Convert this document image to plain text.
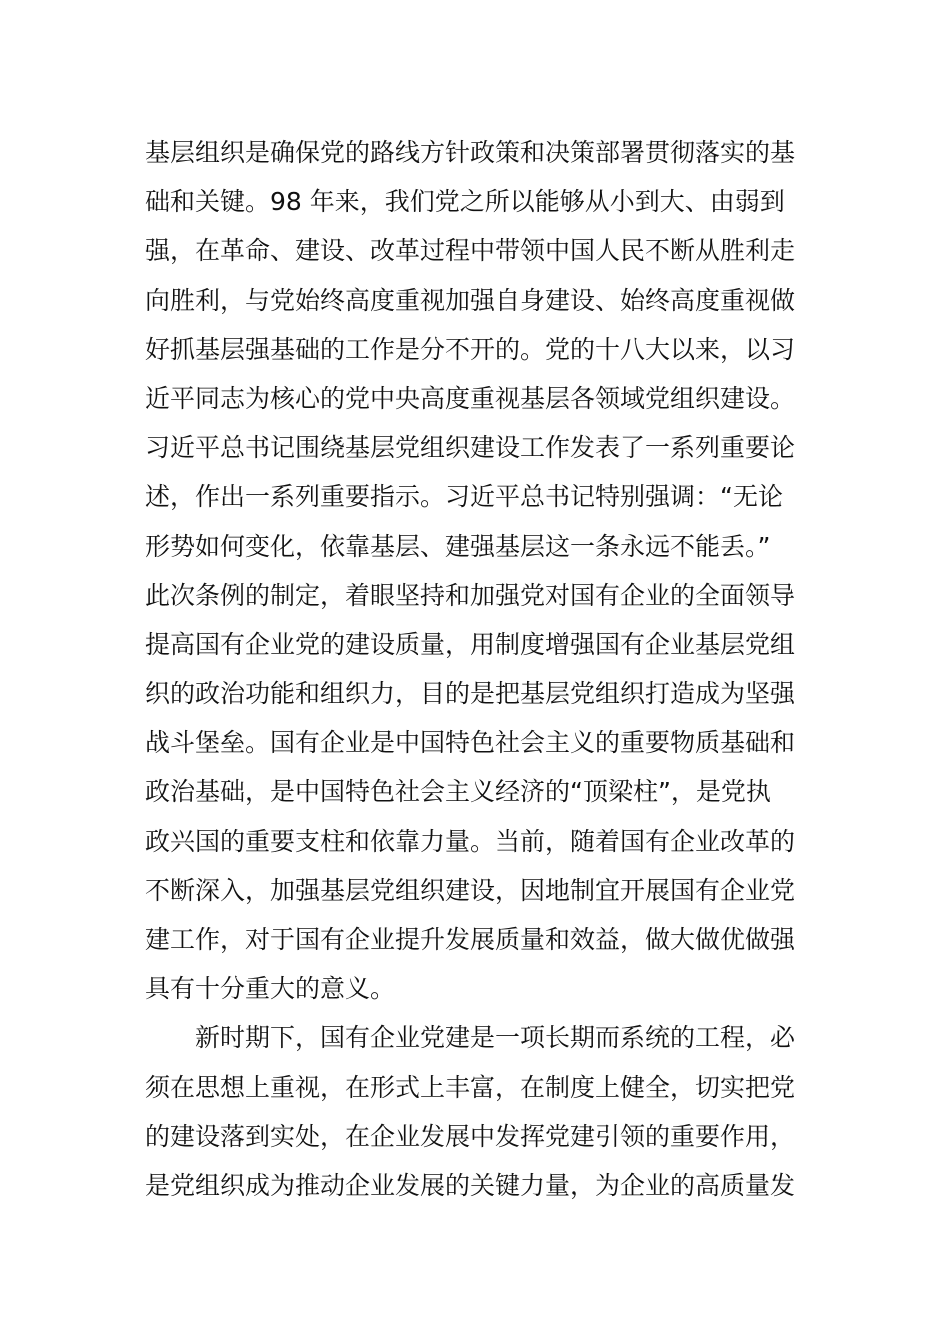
基层组织是确保党的路线方针政策和决策部署贯彻落实的基
础和关键。98 年来，我们党之所以能够从小到大、由弱到
强，在革命、建设、改革过程中带领中国人民不断从胜利走
向胜利，与党始终高度重视加强自身建设、始终高度重视做
好抓基层强基础的工作是分不开的。党的十八大以来，以习
近平同志为核心的党中央高度重视基层各领域党组织建设。
习近平总书记围绕基层党组织建设工作发表了一系列重要论
述，作出一系列重要指示。习近平总书记特别强调：“无论
形势如何变化，依靠基层、建强基层这一条永远不能丢。”
此次条例的制定，着眼坚持和加强党对国有企业的全面领导
提高国有企业党的建设质量，用制度增强国有企业基层党组
织的政治功能和组织力，目的是把基层党组织打造成为坚强
战斗堡垒。国有企业是中国特色社会主义的重要物质基础和
政治基础，是中国特色社会主义经济的“顶梁柱”，是党执
政兴国的重要支柱和依靠力量。当前，随着国有企业改革的
不断深入，加强基层党组织建设，因地制宜开展国有企业党
建工作，对于国有企业提升发展质量和效益，做大做优做强
具有十分重大的意义。
新时期下，国有企业党建是一项长期而系统的工程，必
须在思想上重视，在形式上丰富，在制度上健全，切实把党
的建设落到实处，在企业发展中发挥党建引领的重要作用，
是党组织成为推动企业发展的关键力量，为企业的高质量发
